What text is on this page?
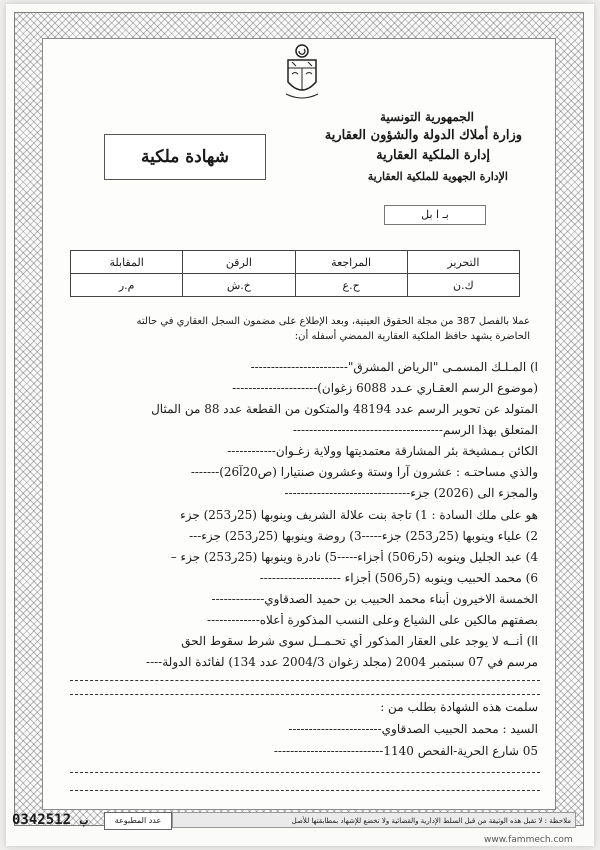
الجمهورية التونسية
وزارة أملاك الدولة والشؤون العقارية
إدارة الملكية العقارية
الإدارة الجهوية للملكية العقارية
شهادة ملكية
بـ ا بل
التحرير	المراجعة	الرقن	المقابلة
ك.ن	ح.ع	خ.ش	م.ر
عملا بالفصل 387 من مجلة الحقوق العينية، وبعد الإطلاع على مضمون السجل العقاري في حالته
الحاضرة يشهد حافظ الملكية العقارية الممضي أسفله أن:
ا) المـلـك المسمـى "الرياض المشرق"------------------------
(موضوع الرسم العقـاري عـدد 6088 زغوان)---------------------
المتولد عن تحوير الرسم عدد 48194 والمتكون من القطعة عدد 88 من المثال
المتعلق بهذا الرسم-------------------------------------
الكائن بـمشيخة بئر المشارقة معتمديتها وولاية زغـوان------------
والذي مساحتـه : عشرون آرا وستة وعشرون صنتيارا (ص20آ26)-------
والمجزء الى (2026) جزء-------------------------------
هو على ملك السادة : 1) تاجة بنت علالة الشريف وينوبها (25ر253) جزء
2) علياء وينوبها (25ر253) جزء-----3) روضة وينوبها (25ر253) جزء---
4) عبد الجليل وينوبه (5ر506) أجزاء-----5) نادرة وينوبها (25ر253) جزء –
6) محمد الحبيب وينوبه (5ر506) أجزاء --------------------
الخمسة الاخيرون أبناء محمد الحبيب بن حميد الصدقاوي-------------
بصفتهم مالكين على الشياع وعلى النسب المذكورة أعلاه-------------
اا) أنــه لا يوجد على العقار المذكور أي تحـمــل سوى شرط سقوط الحق
مرسم في 07 سبتمبر 2004 (مجلد زغوان 2004/3 عدد 134) لفائدة الدولة----
سلمت هذه الشهادة بطلب من :
السيد : محمد الحبيب الصدقاوي-----------------------
05 شارع الحرية-الفحص 1140---------------------------
ملاحظة : لا تقبل هذه الوثيقة من قبل السلط الإدارية والقضائية ولا تخضع للإشهاد بمطابقتها للأصل
عدد المطبوعة
0342512 ب
www.fammech.com
